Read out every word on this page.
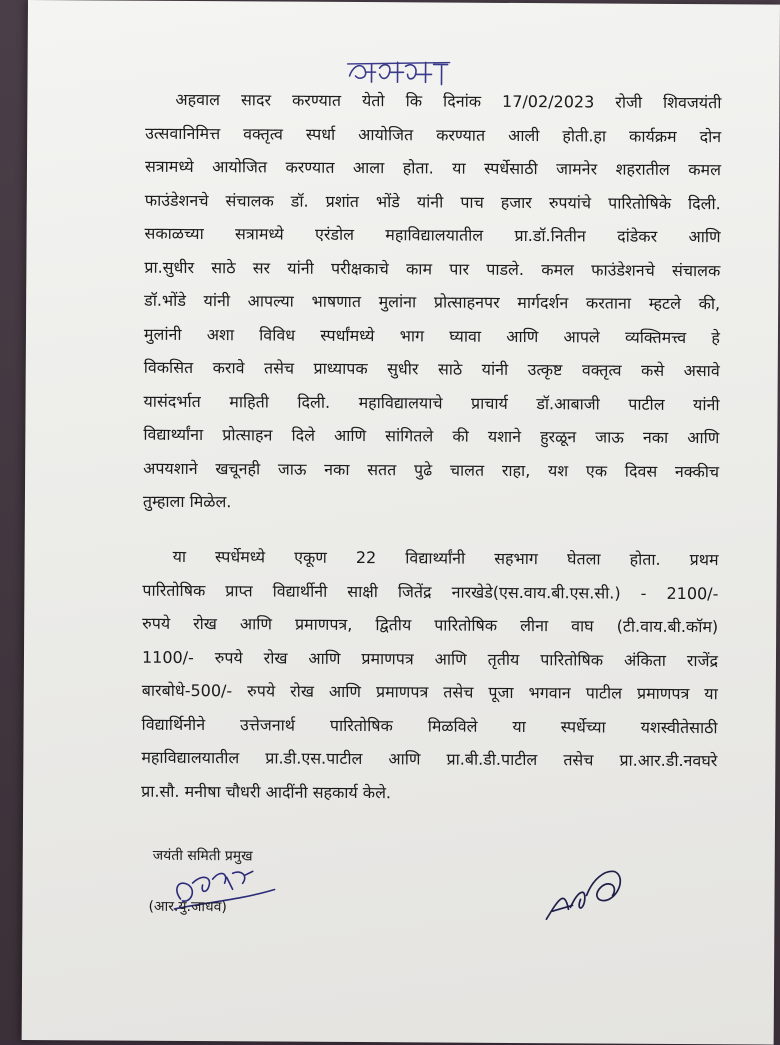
अहवाल सादर करण्यात येतो कि दिनांक 17/02/2023 रोजी शिवजयंती
उत्सवानिमित्त वक्तृत्व स्पर्धा आयोजित करण्यात आली होती.हा कार्यक्रम दोन
सत्रामध्ये आयोजित करण्यात आला होता. या स्पर्धेसाठी जामनेर शहरातील कमल
फाउंडेशनचे संचालक डॉ. प्रशांत भोंडे यांनी पाच हजार रुपयांचे पारितोषिके दिली.
सकाळच्या सत्रामध्ये एरंडोल महाविद्यालयातील प्रा.डॉ.नितीन दांडेकर आणि
प्रा.सुधीर साठे सर यांनी परीक्षकाचे काम पार पाडले. कमल फाउंडेशनचे संचालक
डॉ.भोंडे यांनी आपल्या भाषणात मुलांना प्रोत्साहनपर मार्गदर्शन करताना म्हटले की,
मुलांनी अशा विविध स्पर्धांमध्ये भाग घ्यावा आणि आपले व्यक्तिमत्त्व हे
विकसित करावे तसेच प्राध्यापक सुधीर साठे यांनी उत्कृष्ट वक्तृत्व कसे असावे
यासंदर्भात माहिती दिली. महाविद्यालयाचे प्राचार्य डॉ.आबाजी पाटील यांनी
विद्यार्थ्यांना प्रोत्साहन दिले आणि सांगितले की यशाने हुरळून जाऊ नका आणि
अपयशाने खचूनही जाऊ नका सतत पुढे चालत राहा, यश एक दिवस नक्कीच
तुम्हाला मिळेल.
या स्पर्धेमध्ये एकूण 22 विद्यार्थ्यांनी सहभाग घेतला होता. प्रथम
पारितोषिक प्राप्त विद्यार्थीनी साक्षी जितेंद्र नारखेडे(एस.वाय.बी.एस.सी.) - 2100/-
रुपये रोख आणि प्रमाणपत्र, द्वितीय पारितोषिक लीना वाघ (टी.वाय.बी.कॉम)
1100/- रुपये रोख आणि प्रमाणपत्र आणि तृतीय पारितोषिक अंकिता राजेंद्र
बारबोधे-500/- रुपये रोख आणि प्रमाणपत्र तसेच पूजा भगवान पाटील प्रमाणपत्र या
विद्यार्थिनीने उत्तेजनार्थ पारितोषिक मिळविले या स्पर्धेच्या यशस्वीतेसाठी
महाविद्यालयातील प्रा.डी.एस.पाटील आणि प्रा.बी.डी.पाटील तसेच प्रा.आर.डी.नवघरे
प्रा.सौ. मनीषा चौधरी आदींनी सहकार्य केले.
जयंती समिती प्रमुख
(आर.यु.जाधव)
